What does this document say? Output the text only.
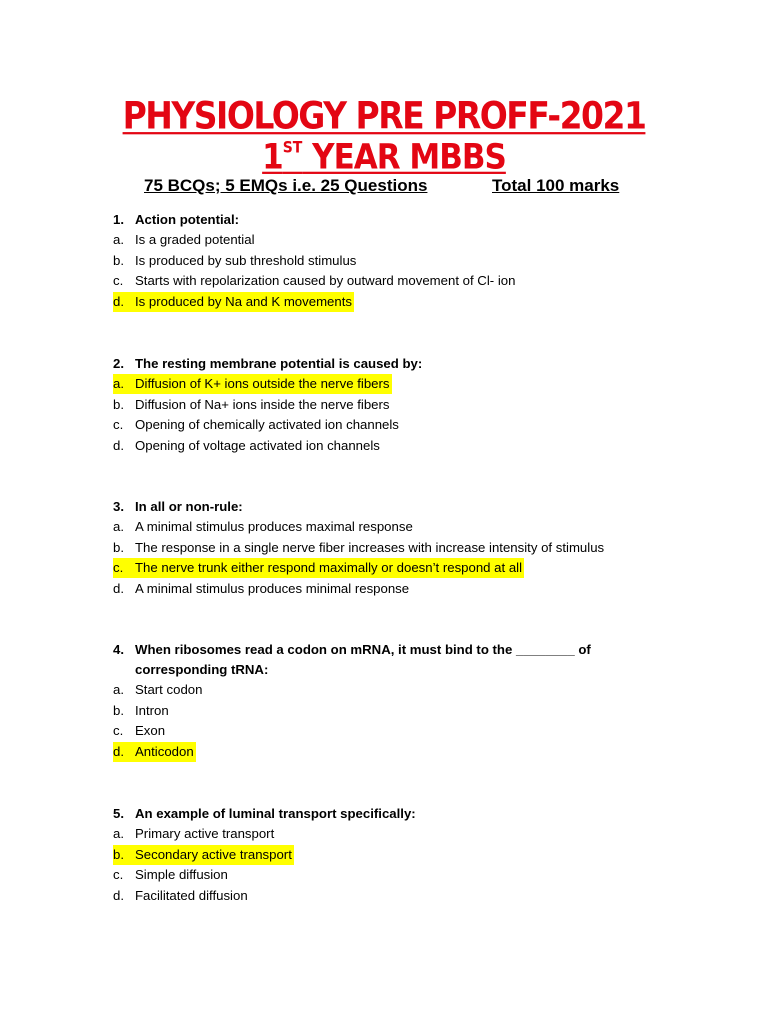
PHYSIOLOGY PRE PROFF-2021
1ST YEAR MBBS
75 BCQs; 5 EMQs i.e. 25 Questions	Total 100 marks
1. Action potential:
a. Is a graded potential
b. Is produced by sub threshold stimulus
c. Starts with repolarization caused by outward movement of Cl- ion
d. Is produced by Na and K movements
2. The resting membrane potential is caused by:
a. Diffusion of K+ ions outside the nerve fibers
b. Diffusion of Na+ ions inside the nerve fibers
c. Opening of chemically activated ion channels
d. Opening of voltage activated ion channels
3. In all or non-rule:
a. A minimal stimulus produces maximal response
b. The response in a single nerve fiber increases with increase intensity of stimulus
c. The nerve trunk either respond maximally or doesn’t respond at all
d. A minimal stimulus produces minimal response
4. When ribosomes read a codon on mRNA, it must bind to the ________ of corresponding tRNA:
a. Start codon
b. Intron
c. Exon
d. Anticodon
5. An example of luminal transport specifically:
a. Primary active transport
b. Secondary active transport
c. Simple diffusion
d. Facilitated diffusion
